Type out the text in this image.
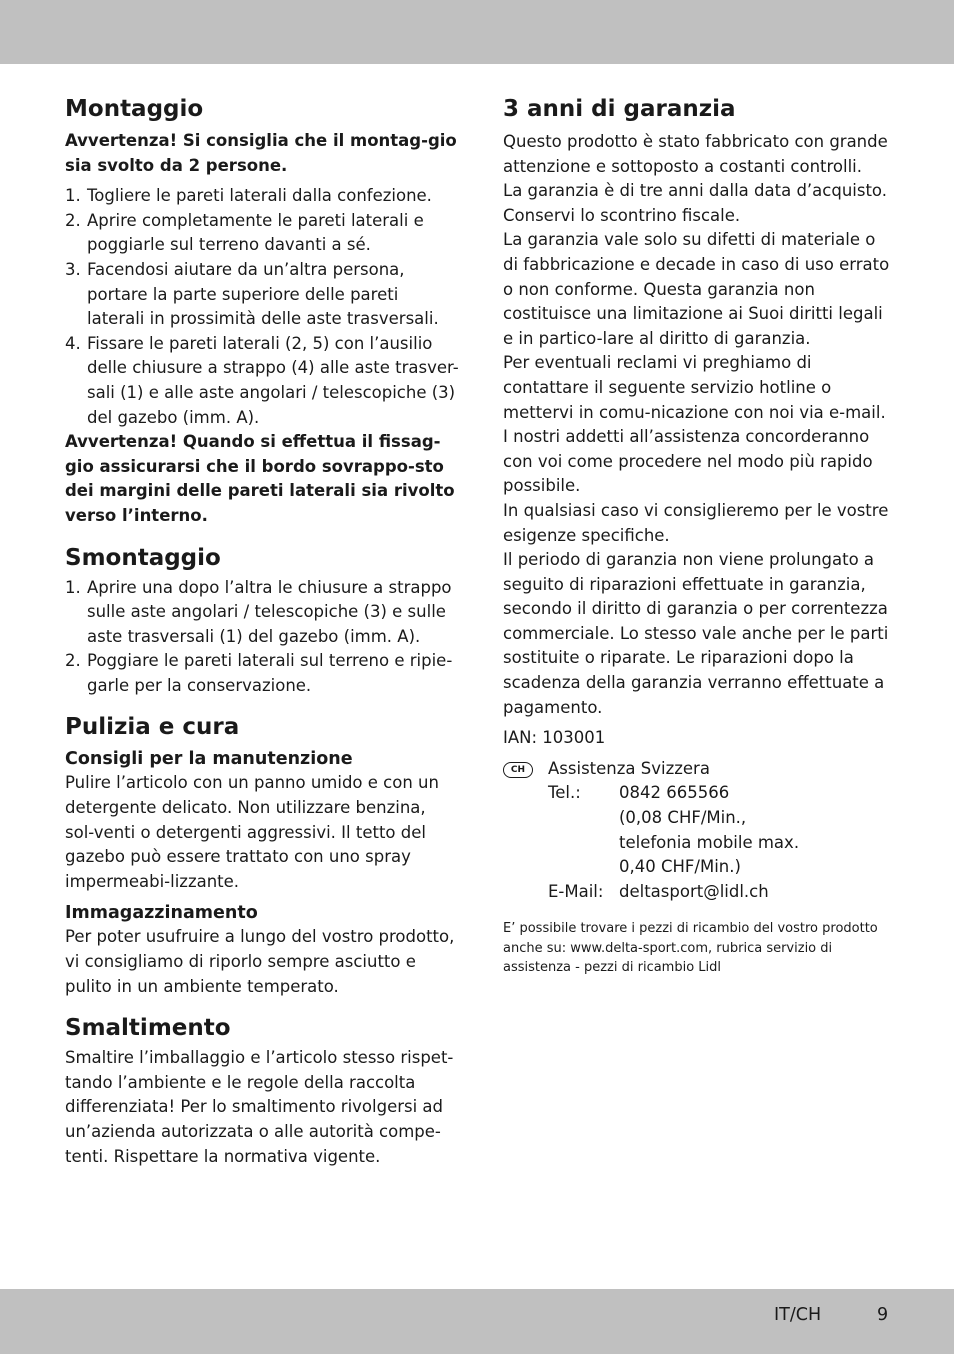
Montaggio

Avvertenza! Si consiglia che il montag-gio sia svolto da 2 persone.

1. Togliere le pareti laterali dalla confezione.
2. Aprire completamente le pareti laterali e poggiarle sul terreno davanti a sé.
3. Facendosi aiutare da un’altra persona, portare la parte superiore delle pareti laterali in prossimità delle aste trasversali.
4. Fissare le pareti laterali (2, 5) con l’ausilio delle chiusure a strappo (4) alle aste trasver-sali (1) e alle aste angolari / telescopiche (3) del gazebo (imm. A).

Avvertenza! Quando si effettua il fissag-gio assicurarsi che il bordo sovrappo-sto dei margini delle pareti laterali sia rivolto verso l’interno.

Smontaggio
1. Aprire una dopo l’altra le chiusure a strappo sulle aste angolari / telescopiche (3) e sulle aste trasversali (1) del gazebo (imm. A).
2. Poggiare le pareti laterali sul terreno e ripie-garle per la conservazione.
Pulizia e cura
Consigli per la manutenzione

Pulire l’articolo con un panno umido e con un detergente delicato. Non utilizzare benzina, sol-venti o detergenti aggressivi. Il tetto del gazebo può essere trattato con uno spray impermeabi-lizzante.

Immagazzinamento

Per poter usufruire a lungo del vostro prodotto, vi consigliamo di riporlo sempre asciutto e pulito in un ambiente temperato.

Smaltimento

Smaltire l’imballaggio e l’articolo stesso rispet-tando l’ambiente e le regole della raccolta differenziata! Per lo smaltimento rivolgersi ad un’azienda autorizzata o alle autorità compe-tenti. Rispettare la normativa vigente.

3 anni di garanzia

Questo prodotto è stato fabbricato con grande attenzione e sottoposto a costanti controlli.

La garanzia è di tre anni dalla data d’acquisto. Conservi lo scontrino fiscale.

La garanzia vale solo su difetti di materiale o di fabbricazione e decade in caso di uso errato o non conforme. Questa garanzia non costituisce una limitazione ai Suoi diritti legali e in partico-lare al diritto di garanzia.

Per eventuali reclami vi preghiamo di contattare il seguente servizio hotline o mettervi in comu-nicazione con noi via e-mail. I nostri addetti all’assistenza concorderanno con voi come procedere nel modo più rapido possibile.

In qualsiasi caso vi consiglieremo per le vostre esigenze specifiche.

Il periodo di garanzia non viene prolungato a seguito di riparazioni effettuate in garanzia, secondo il diritto di garanzia o per correntezza commerciale. Lo stesso vale anche per le parti sostituite o riparate. Le riparazioni dopo la scadenza della garanzia verranno effettuate a pagamento.

IAN: 103001

CH	Assistenza Svizzera
Tel.:	0842 665566
(0,08 CHF/Min.,
telefonia mobile max.
0,40 CHF/Min.)
E-Mail: deltasport@lidl.ch

E’ possibile trovare i pezzi di ricambio del vostro prodotto anche su: www.delta-sport.com, rubrica servizio di assistenza - pezzi di ricambio Lidl

IT/CH	9
